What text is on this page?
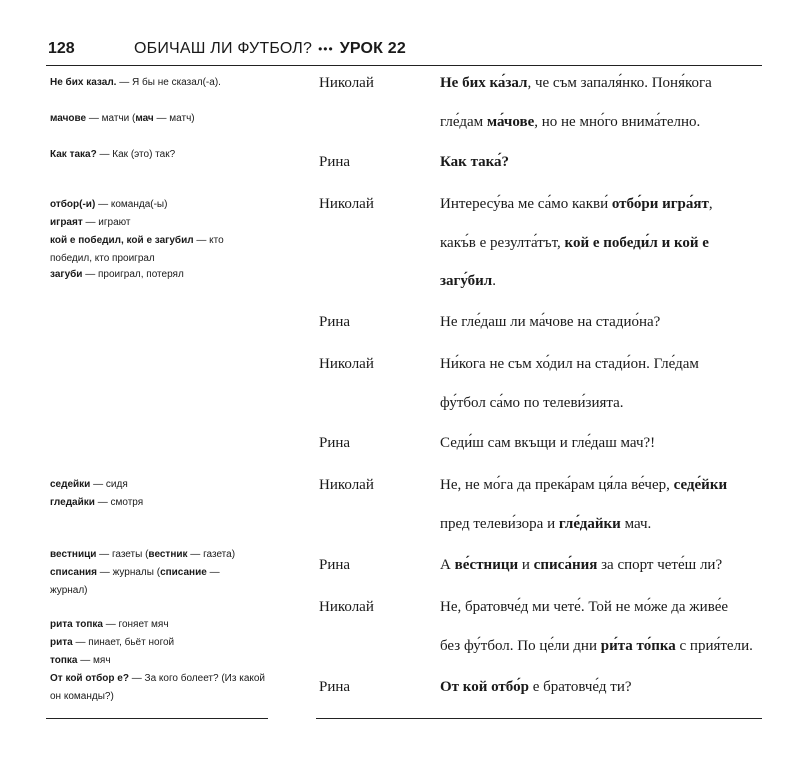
128	ОБИЧАШ ЛИ ФУТБОЛ? ••• УРОК 22
Не бих казал. — Я бы не сказал(-а).
мачове — матчи (мач — матч)
Как така? — Как (это) так?
отбор(-и) — команда(-ы)
играят — играют
кой е победил, кой е загубил — кто победил, кто проиграл
загуби — проиграл, потерял
седейки — сидя
гледайки — смотря
вестници — газеты (вестник — газета)
списания — журналы (списание — журнал)
рита топка — гоняет мяч
рита — пинает, бьёт ногой
топка — мяч
От кой отбор е? — За кого болеет? (Из какой он команды?)
Николай	Не бих ка́зал, че съм запаля́нко. Поня́кога
гле́дам ма́чове, но не мно́го внима́телно.
Рина	Как така́?
Николай	Интересу́ва ме са́мо какви́ отбо́ри игра́ят,
какъ́в е резулта́тът, кой е победи́л и кой е
загу́бил.
Рина	Не гле́даш ли ма́чове на стадио́на?
Николай	Ни́кога не съм хо́дил на стади́он. Гле́дам
фу́тбол са́мо по телеви́зията.
Рина	Седи́ш сам вкъщи и гле́даш мач?!
Николай	Не, не мо́га да прека́рам ця́ла ве́чер, седе́йки
пред телеви́зора и гле́дайки мач.
Рина	А ве́стници и списа́ния за спорт чете́ш ли?
Николай	Не, братовче́д ми чете́. Той не мо́же да живе́е
без фу́тбол. По це́ли дни ри́та то́пка с прия́тели.
Рина	От кой отбо́р е братовче́д ти?
